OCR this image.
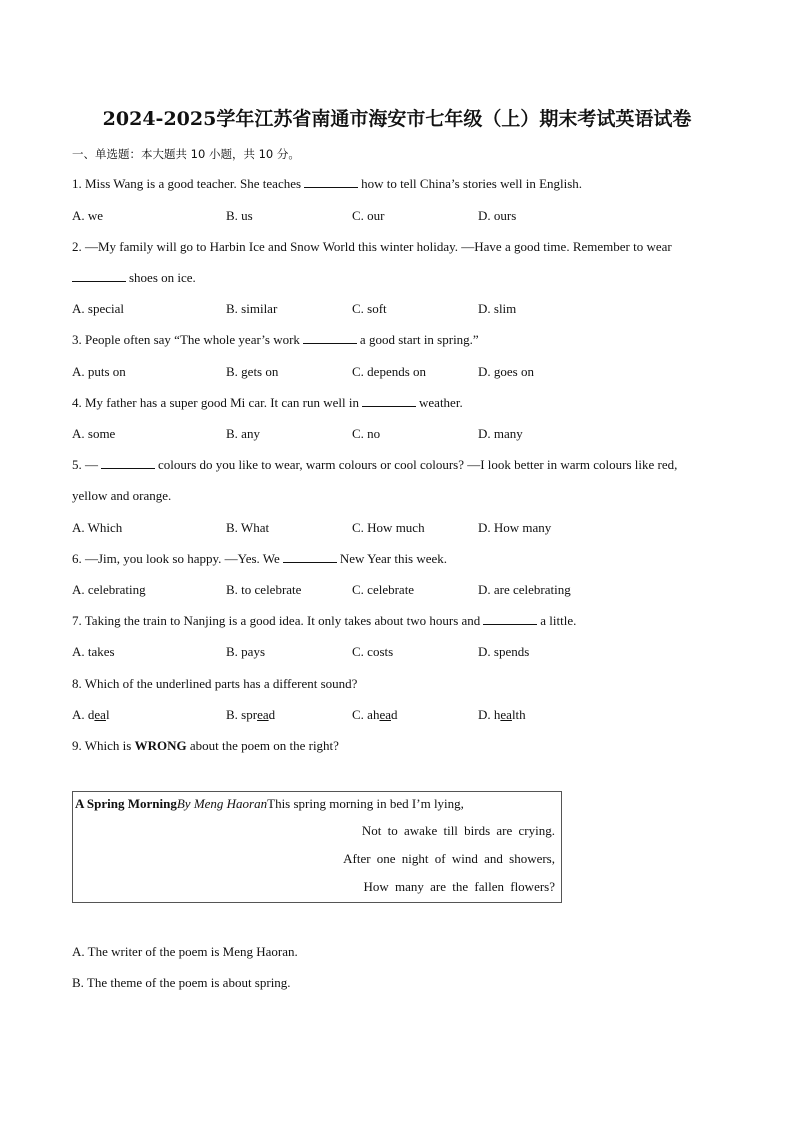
2024-2025学年江苏省南通市海安市七年级（上）期末考试英语试卷
一、单选题：本大题共 10 小题，共 10 分。
1. Miss Wang is a good teacher. She teaches	how to tell China’s stories well in English.
A. we	B. us	C. our	D. ours
2. —My family will go to Harbin Ice and Snow World this winter holiday. —Have a good time. Remember to wear
shoes on ice.
A. special	B. similar	C. soft	D. slim
3. People often say “The whole year’s work	a good start in spring.”
A. puts on	B. gets on	C. depends on	D. goes on
4. My father has a super good Mi car. It can run well in	weather.
A. some	B. any	C. no	D. many
5. —	colours do you like to wear, warm colours or cool colours? —I look better in warm colours like red,
yellow and orange.
A. Which	B. What	C. How much	D. How many
6. —Jim, you look so happy. —Yes. We	New Year this week.
A. celebrating	B. to celebrate	C. celebrate	D. are celebrating
7. Taking the train to Nanjing is a good idea. It only takes about two hours and	a little.
A. takes	B. pays	C. costs	D. spends
8. Which of the underlined parts has a different sound?
A. deal	B. spread	C. ahead	D. health
9. Which is WRONG about the poem on the right?
A Spring MorningBy Meng HaoranThis spring morning in bed I’m lying,
Not to awake till birds are crying.
After one night of wind and showers,
How many are the fallen flowers?
A. The writer of the poem is Meng Haoran.
B. The theme of the poem is about spring.
